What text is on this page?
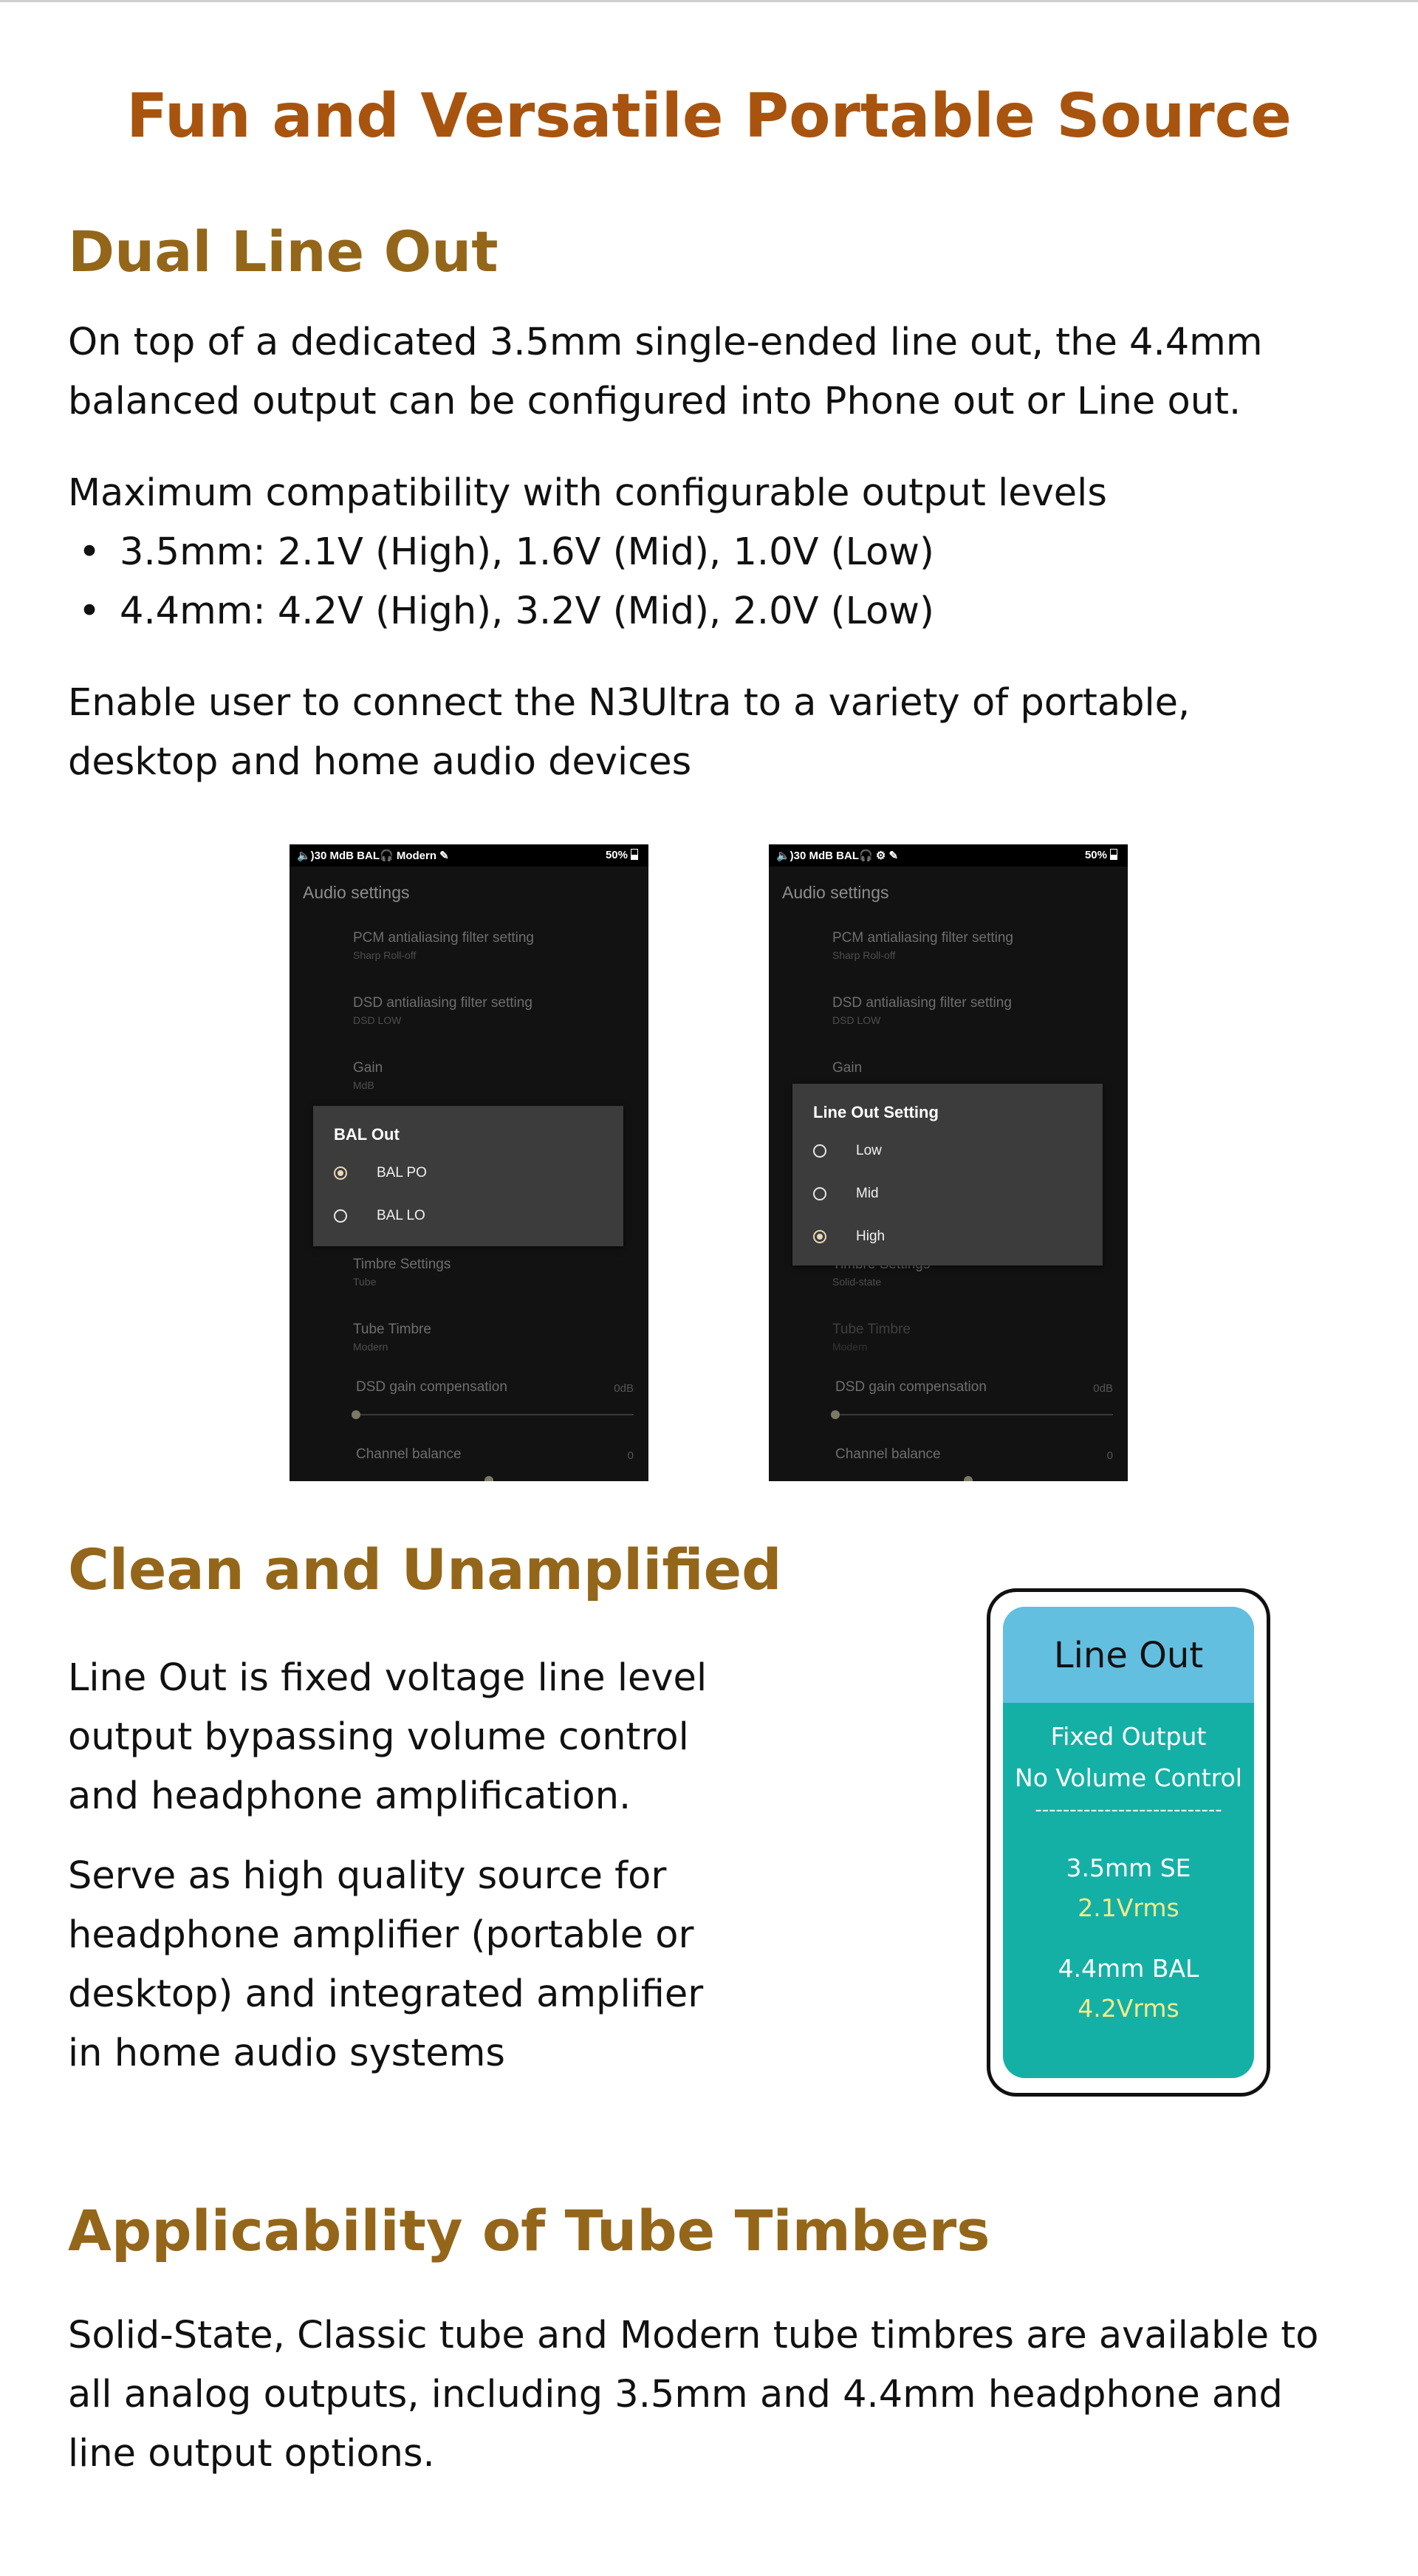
Fun and Versatile Portable Source
Dual Line Out
On top of a dedicated 3.5mm single-ended line out, the 4.4mm
balanced output can be configured into Phone out or Line out.
Maximum compatibility with configurable output levels
• 3.5mm: 2.1V (High), 1.6V (Mid), 1.0V (Low)
• 4.4mm: 4.2V (High), 3.2V (Mid), 2.0V (Low)
Enable user to connect the N3Ultra to a variety of portable,
desktop and home audio devices
🔈)30 MdB BAL🎧 Modern ✎	50%
Audio settings
PCM antialiasing filter setting
Sharp Roll-off
DSD antialiasing filter setting
DSD LOW
Gain
MdB
Timbre Settings
Tube
Tube Timbre
Modern
DSD gain compensation	0dB
Channel balance	0
BAL Out
BAL PO
BAL LO
🔈)30 MdB BAL🎧 ⚙ ✎	50%
Audio settings
PCM antialiasing filter setting
Sharp Roll-off
DSD antialiasing filter setting
DSD LOW
Gain
Solid-state
Tube Timbre
Modern
DSD gain compensation	0dB
Channel balance	0
Line Out Setting
Low
Mid
High
Clean and Unamplified
Line Out is fixed voltage line level
output bypassing volume control
and headphone amplification.
Serve as high quality source for
headphone amplifier (portable or
desktop) and integrated amplifier
in home audio systems
Line Out
Fixed Output
No Volume Control
---------------------------
3.5mm SE
2.1Vrms
4.4mm BAL
4.2Vrms
Applicability of Tube Timbers
Solid-State, Classic tube and Modern tube timbres are available to
all analog outputs, including 3.5mm and 4.4mm headphone and
line output options.
